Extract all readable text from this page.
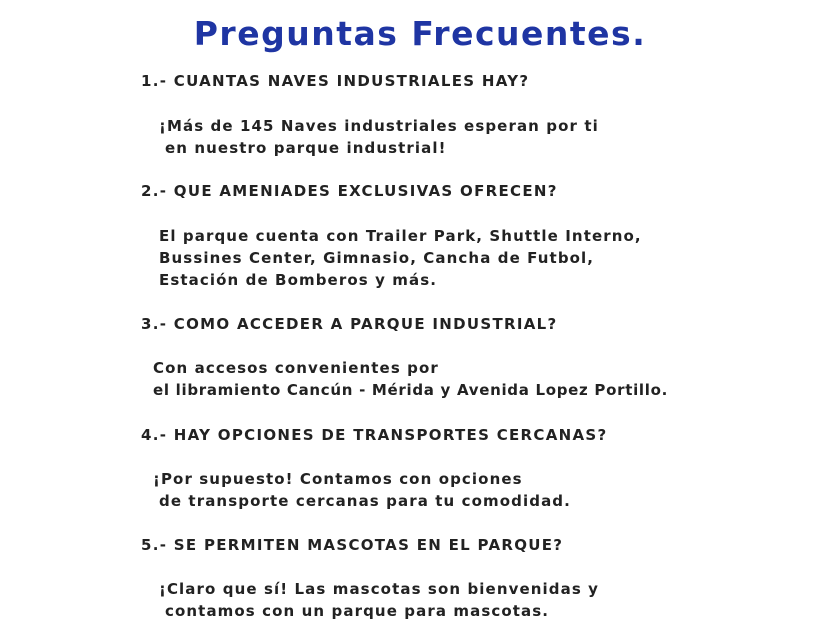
Preguntas Frecuentes.
1.- CUANTAS NAVES INDUSTRIALES HAY?
¡Más de 145 Naves industriales esperan por ti
en nuestro parque industrial!
2.- QUE AMENIADES EXCLUSIVAS OFRECEN?
El parque cuenta con Trailer Park, Shuttle Interno,
Bussines Center, Gimnasio, Cancha de Futbol,
Estación de Bomberos y más.
3.- COMO ACCEDER A PARQUE INDUSTRIAL?
Con accesos convenientes por
el libramiento Cancún - Mérida y Avenida Lopez Portillo.
4.- HAY OPCIONES DE TRANSPORTES CERCANAS?
¡Por supuesto! Contamos con opciones
de transporte cercanas para tu comodidad.
5.- SE PERMITEN MASCOTAS EN EL PARQUE?
¡Claro que sí! Las mascotas son bienvenidas y
contamos con un parque para mascotas.
